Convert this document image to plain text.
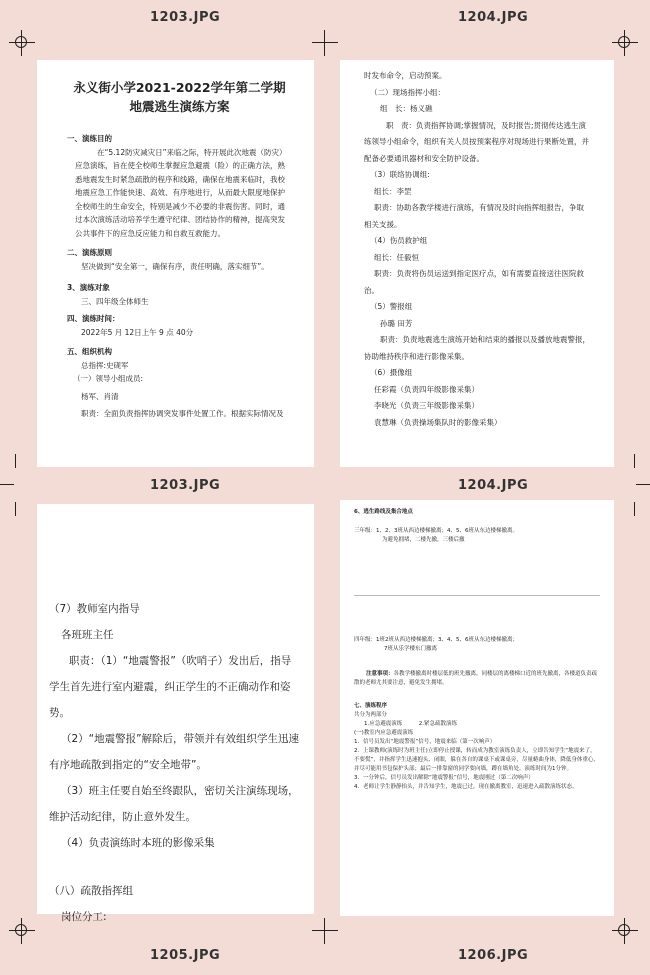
1203.JPG	1204.JPG
1203.JPG	1204.JPG
1205.JPG	1206.JPG
永义街小学2021-2022学年第二学期
地震逃生演练方案
一、演练目的
在“5.12防灾减灾日”来临之际，特开展此次地震（防灾）应急演练，旨在使全校师生掌握应急避震（险）的正确方法，熟悉地震发生时紧急疏散的程序和线路，确保在地震来临时，我校地震应急工作能快速、高效、有序地进行，从而最大限度地保护全校师生的生命安全，特别是减少不必要的非震伤害。同时，通过本次演练活动培养学生遵守纪律、团结协作的精神，提高突发公共事件下的应急反应能力和自救互救能力。
二、演练原则
坚决做到“安全第一，确保有序，责任明确，落实细节”。
3、演练对象
三、四年级全体师生
四、演练时间：
2022年5 月 12日上午 9 点 40分
五、组织机构
总指挥:史砚军
（一）领导小组成员:
杨军、肖清
职责：全面负责指挥协调突发事件处置工作。根据实际情况及
时发布命令，启动预案。
（二）现场指挥小组：
组　长：杨义礁
职　责：负责指挥协调;掌握情况，及时报告;贯彻传达逃生演练领导小组命令，组织有关人员按预案程序对现场进行果断处置，并配备必要通讯器材和安全防护设备。
（3）联络协调组:
组长：李罡
职责：协助各教学楼进行演练，有情况及时向指挥组报告，争取相关支援。
（4）伤员救护组
组长：任毅恒
职责：负责将伤员运送到指定医疗点，如有需要直接送往医院救治。
（5）警报组
孙璐 田芳
职责：负责地震逃生演练开始和结束的播报以及播放地震警报，协助维持秩序和进行影像采集。
（6）摄像组
任彩霞（负责四年级影像采集）
李晓光（负责三年级影像采集）
袁慧琳（负责操场集队时的影像采集）
（7）教师室内指导
各班班主任
职责：（1）“地震警报”（吹哨子）发出后，指导学生首先进行室内避震，纠正学生的不正确动作和姿势。
（2）“地震警报”解除后，带领并有效组织学生迅速有序地疏散到指定的“安全地带”。
（3）班主任要自始至终跟队，密切关注演练现场，维护活动纪律，防止意外发生。
（4）负责演练时本班的影像采集
（八）疏散指挥组
岗位分工:
6、逃生路线及集合地点
三年级：1、2、3班从西边楼梯撤离；4、5、6班从东边楼梯撤离。
为避免拥堵，二楼先撤，三楼后撤
四年级：1班2班从西边楼梯撤离；3、4、5、6班从东边楼梯撤离；
7班从乐学楼东门撤离
注意事项：各教学楼撤离时楼层低的班先撤离，同楼层的离楼梯口近的班先撤离，各楼道负责疏散的老师尤其要注意，避免发生拥堵。
七、演练程序
共分为两部分
1.应急避震演练　　　2.紧急疏散演练
(一)教室内应急避震演练
1．信号员发出“地震警报”信号，地震来临（第一次响声）
2．上课教师(演练时为班主任)立即停止授课，转而成为教室演练负责人，立即告知学生“地震来了，不要慌”，并指挥学生迅速抱头、闭眼，躲在各自的课桌下或课桌旁，尽量蜷曲身体，降低身体重心，并尽可能用书包保护头部；最后一排靠窗的同学要向墙，蹲在墙角处。演练时间为1分钟。
3．一分钟后，信号员发出解除“地震警报”信号，地震刚过（第二次响声）
4．老师让学生静静抬头，并告知学生，地震已过，现在撤离教室，迅速进入疏散演练状态。
